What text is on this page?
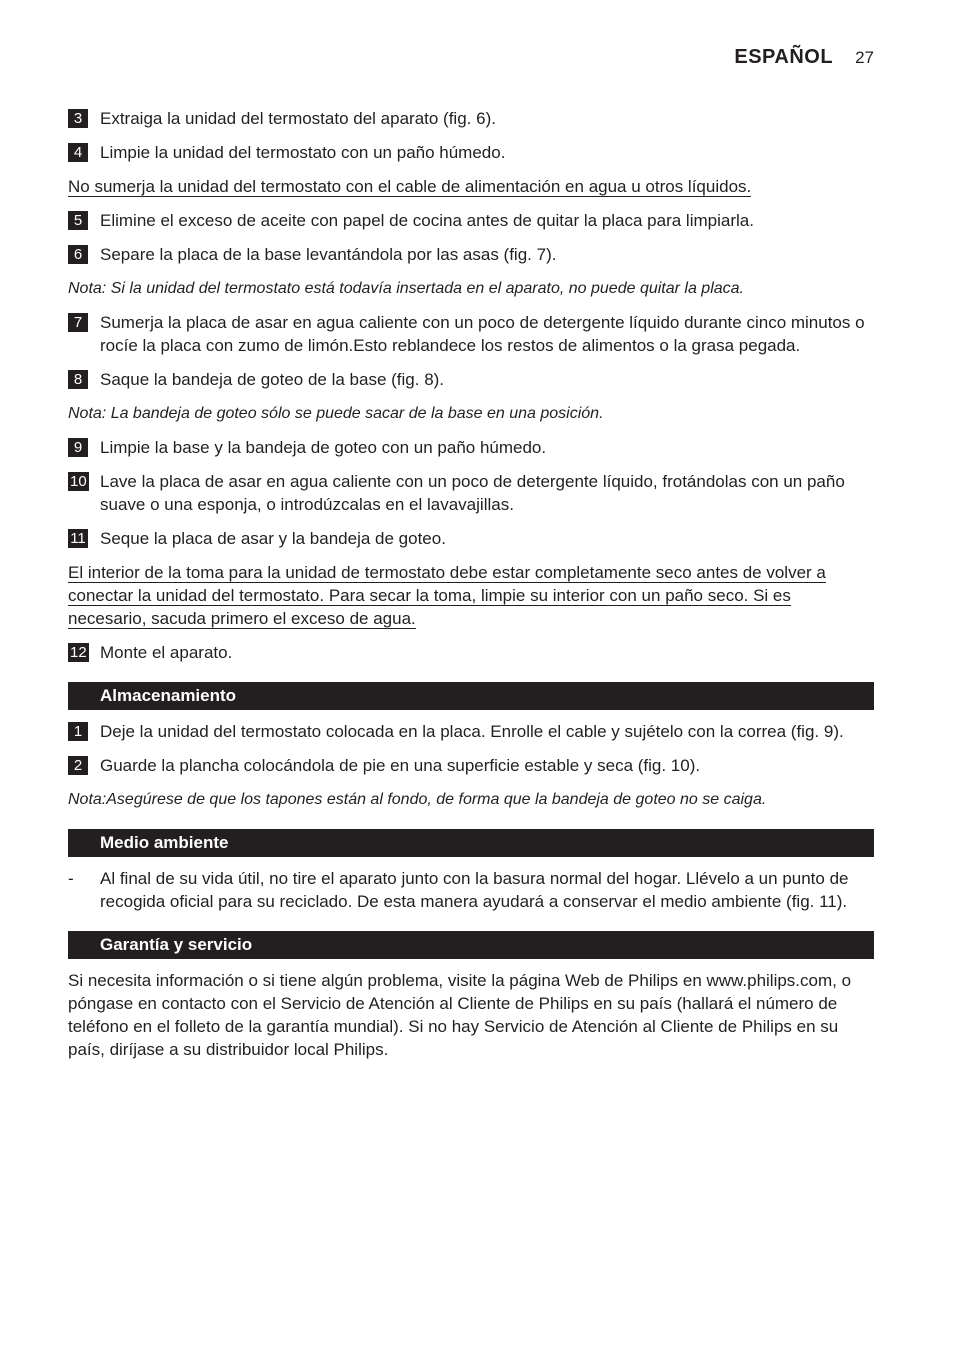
ESPAÑOL 27
3	Extraiga la unidad del termostato del aparato (fig. 6).
4	Limpie la unidad del termostato con un paño húmedo.
No sumerja la unidad del termostato con el cable de alimentación en agua u otros líquidos.
5	Elimine el exceso de aceite con papel de cocina antes de quitar la placa para limpiarla.
6	Separe la placa de la base levantándola por las asas (fig. 7).
Nota: Si la unidad del termostato está todavía insertada en el aparato, no puede quitar la placa.
7	Sumerja la placa de asar en agua caliente con un poco de detergente líquido durante cinco minutos o rocíe la placa con zumo de limón.Esto reblandece los restos de alimentos o la grasa pegada.
8	Saque la bandeja de goteo de la base (fig. 8).
Nota: La bandeja de goteo sólo se puede sacar de la base en una posición.
9	Limpie la base y la bandeja de goteo con un paño húmedo.
10 Lave la placa de asar en agua caliente con un poco de detergente líquido, frotándolas con un paño suave o una esponja, o introdúzcalas en el lavavajillas.
11 Seque la placa de asar y la bandeja de goteo.
El interior de la toma para la unidad de termostato debe estar completamente seco antes de volver a conectar la unidad del termostato. Para secar la toma, limpie su interior con un paño seco. Si es necesario, sacuda primero el exceso de agua.
12 Monte el aparato.
Almacenamiento
1	Deje la unidad del termostato colocada en la placa. Enrolle el cable y sujételo con la correa (fig. 9).
2	Guarde la plancha colocándola de pie en una superficie estable y seca (fig. 10).
Nota:Asegúrese de que los tapones están al fondo, de forma que la bandeja de goteo no se caiga.
Medio ambiente
- Al final de su vida útil, no tire el aparato junto con la basura normal del hogar. Llévelo a un punto de recogida oficial para su reciclado. De esta manera ayudará a conservar el medio ambiente (fig. 11).
Garantía y servicio
Si necesita información o si tiene algún problema, visite la página Web de Philips en www.philips.com, o póngase en contacto con el Servicio de Atención al Cliente de Philips en su país (hallará el número de teléfono en el folleto de la garantía mundial). Si no hay Servicio de Atención al Cliente de Philips en su país, diríjase a su distribuidor local Philips.
